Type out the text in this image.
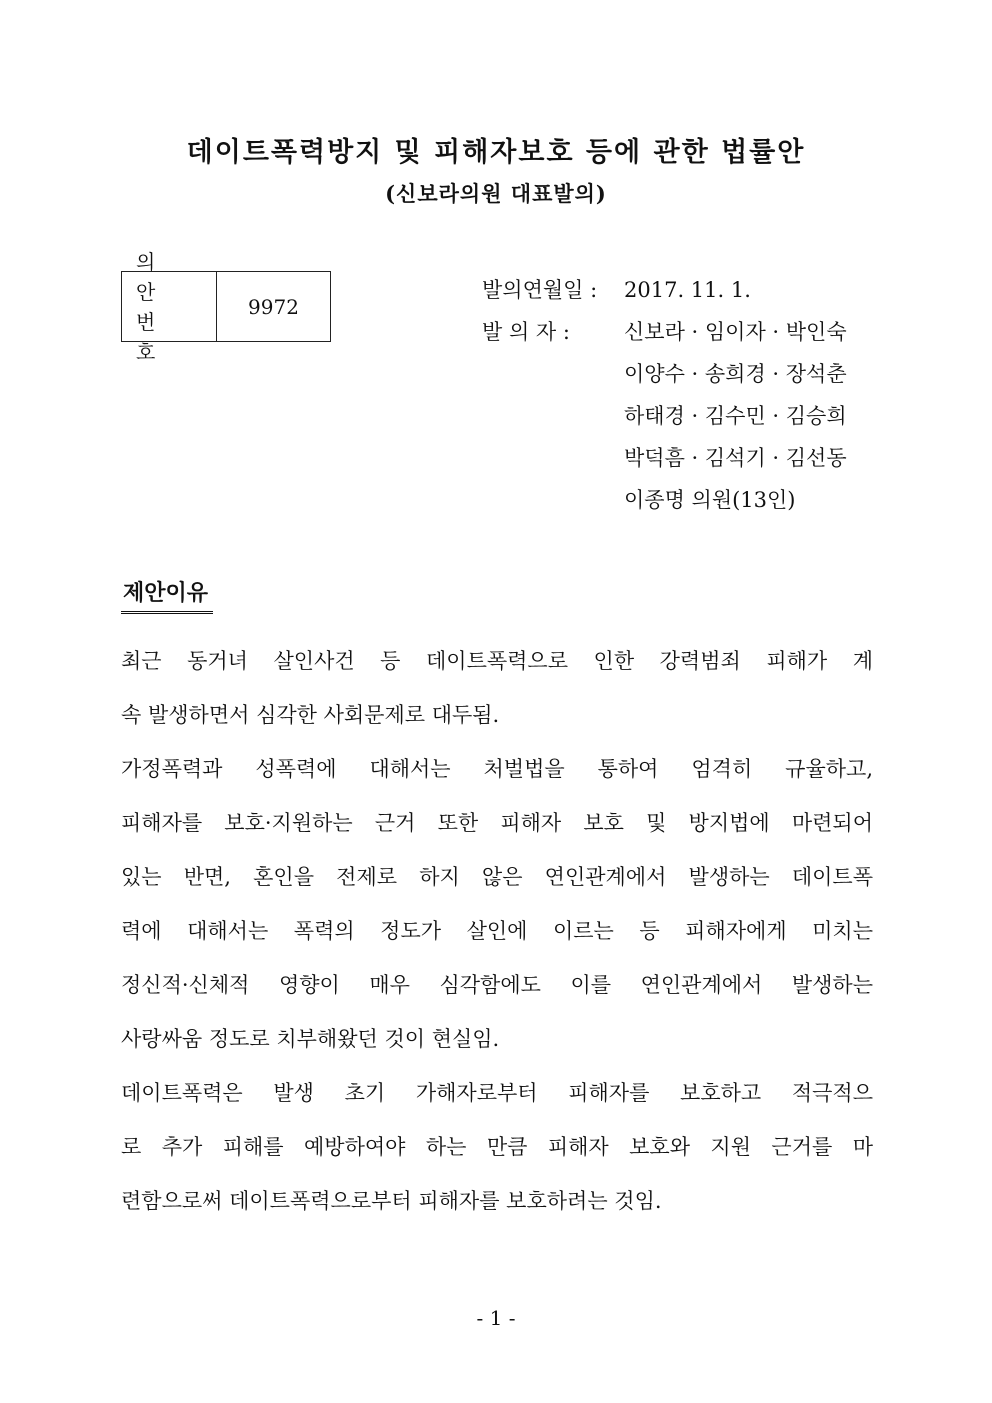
데이트폭력방지 및 피해자보호 등에 관한 법률안
(신보라의원 대표발의)
의 안
번 호
9972
발의연월일 : 2017. 11. 1.
발 의 자 :	신보라 · 임이자 · 박인숙
이양수 · 송희경 · 장석춘
하태경 · 김수민 · 김승희
박덕흠 · 김석기 · 김선동
이종명 의원(13인)
제안이유
최근 동거녀 살인사건 등 데이트폭력으로 인한 강력범죄 피해가 계
속 발생하면서 심각한 사회문제로 대두됨.
가정폭력과 성폭력에 대해서는 처벌법을 통하여 엄격히 규율하고,
피해자를 보호·지원하는 근거 또한 피해자 보호 및 방지법에 마련되어
있는 반면, 혼인을 전제로 하지 않은 연인관계에서 발생하는 데이트폭
력에 대해서는 폭력의 정도가 살인에 이르는 등 피해자에게 미치는
정신적·신체적 영향이 매우 심각함에도 이를 연인관계에서 발생하는
사랑싸움 정도로 치부해왔던 것이 현실임.
데이트폭력은 발생 초기 가해자로부터 피해자를 보호하고 적극적으
로 추가 피해를 예방하여야 하는 만큼 피해자 보호와 지원 근거를 마
련함으로써 데이트폭력으로부터 피해자를 보호하려는 것임.
- 1 -
